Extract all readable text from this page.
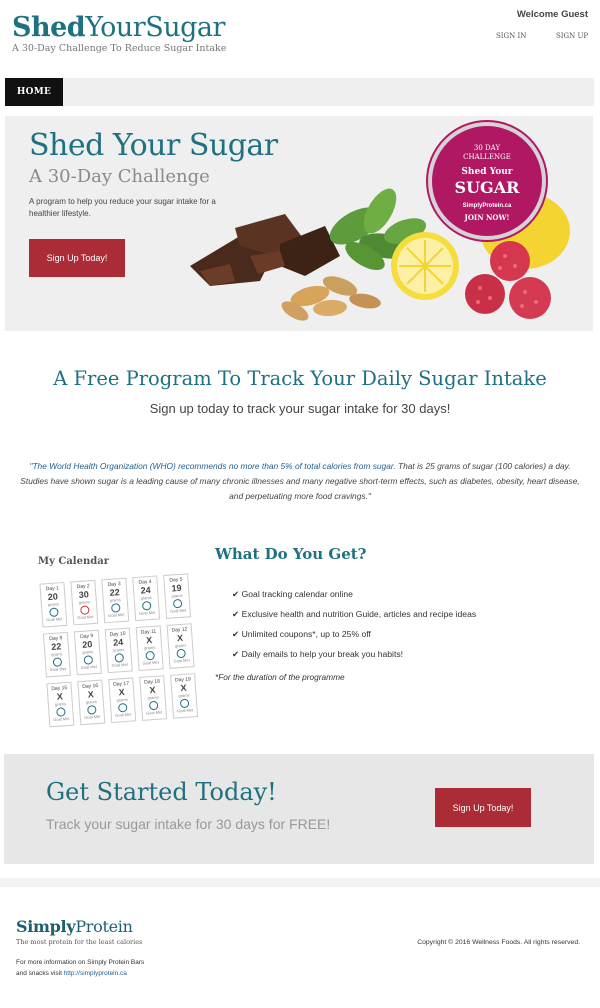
ShedYourSugar
A 30-Day Challenge To Reduce Sugar Intake
Welcome Guest
SIGN IN	SIGN UP
HOME
Shed Your Sugar
A 30-Day Challenge
A program to help you reduce your sugar intake for a healthier lifestyle.
Sign Up Today!
30 DAY
CHALLENGE
Shed Your
SUGAR
SimplyProtein.ca
JOIN NOW!
A Free Program To Track Your Daily Sugar Intake
Sign up today to track your sugar intake for 30 days!
"The World Health Organization (WHO) recommends no more than 5% of total calories from sugar. That is 25 grams of sugar (100 calories) a day. Studies have shown sugar is a leading cause of many chronic illnesses and many negative short-term effects, such as diabetes, obesity, heart disease, and perpetuating more food cravings."
My Calendar
Day 1
20
grams
Goal Met
Day 2
30
grams
Goal Met
Day 3
22
grams
Goal Met
Day 4
24
grams
Goal Met
Day 5
19
grams
Goal Met
Day 8
22
grams
Goal Met
Day 9
20
grams
Goal Met
Day 10
24
grams
Goal Met
Day 11
X
grams
Goal Met
Day 12
X
grams
Goal Met
Day 15
X
grams
Goal Met
Day 16
X
grams
Goal Met
Day 17
X
grams
Goal Met
Day 18
X
grams
Goal Met
Day 19
X
grams
Goal Met
What Do You Get?
✔ Goal tracking calendar online
✔ Exclusive health and nutrition Guide, articles and recipe ideas
✔ Unlimited coupons*, up to 25% off
✔ Daily emails to help your break you habits!
*For the duration of the programme
Get Started Today!
Track your sugar intake for 30 days for FREE!
Sign Up Today!
SimplyProtein
The most protein for the least calories
For more information on Simply Protein Bars
and snacks visit http://simplyprotein.ca
Copyright © 2016 Wellness Foods. All rights reserved.
